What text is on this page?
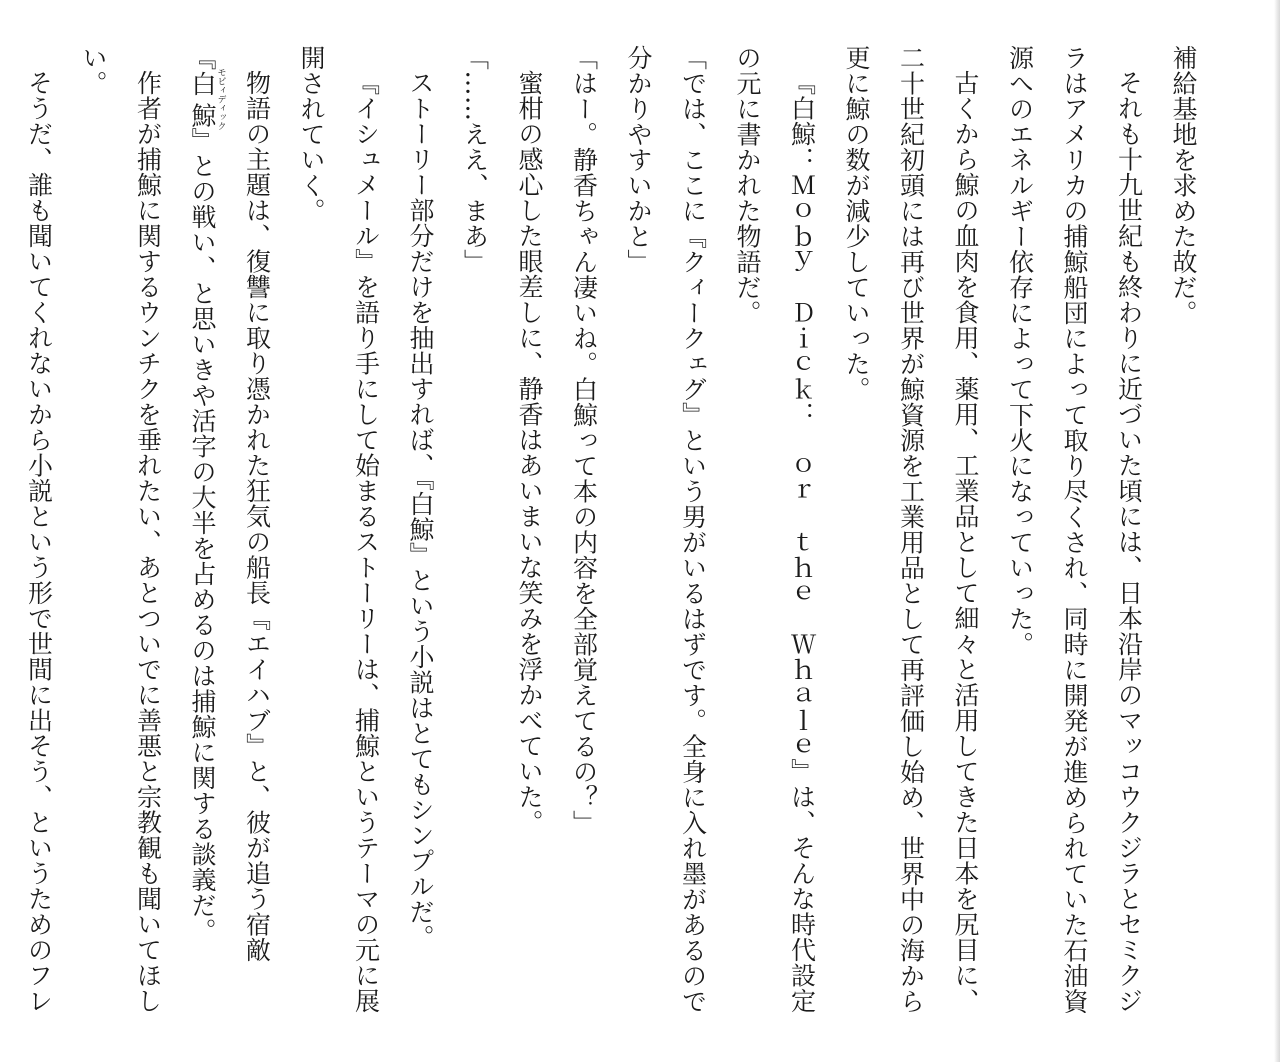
補給基地を求めた故だ。

それも十九世紀も終わりに近づいた頃には、日本沿岸のマッコウクジラとセミクジラはアメリカの捕鯨船団によって取り尽くされ、同時に開発が進められていた石油資源へのエネルギー依存によって下火になっていった。

古くから鯨の血肉を食用、薬用、工業品として細々と活用してきた日本を尻目に、二十世紀初頭には再び世界が鯨資源を工業用品として再評価し始め、世界中の海から更に鯨の数が減少していった。

『白鯨：Ｍｏｂｙ　Ｄｉｃｋ：　ｏｒ　ｔｈｅ　Ｗｈａｌｅ』は、そんな時代設定の元に書かれた物語だ。

「では、ここに『クィークェグ』という男がいるはずです。全身に入れ墨があるので分かりやすいかと」

「はー。静香ちゃん凄いね。白鯨って本の内容を全部覚えてるの？」

蜜柑の感心した眼差しに、静香はあいまいな笑みを浮かべていた。

「……ええ、まあ」

ストーリー部分だけを抽出すれば、『白鯨』という小説はとてもシンプルだ。

『イシュメール』を語り手にして始まるストーリーは、捕鯨というテーマの元に展開されていく。

物語の主題は、復讐に取り憑かれた狂気の船長『エイハブ』と、彼が追う宿敵

『白鯨モビィディック』との戦い、と思いきや活字の大半を占めるのは捕鯨に関する談義だ。

作者が捕鯨に関するウンチクを垂れたい、あとついでに善悪と宗教観も聞いてほしい。

そうだ、誰も聞いてくれないから小説という形で世間に出そう、というためのフレ
